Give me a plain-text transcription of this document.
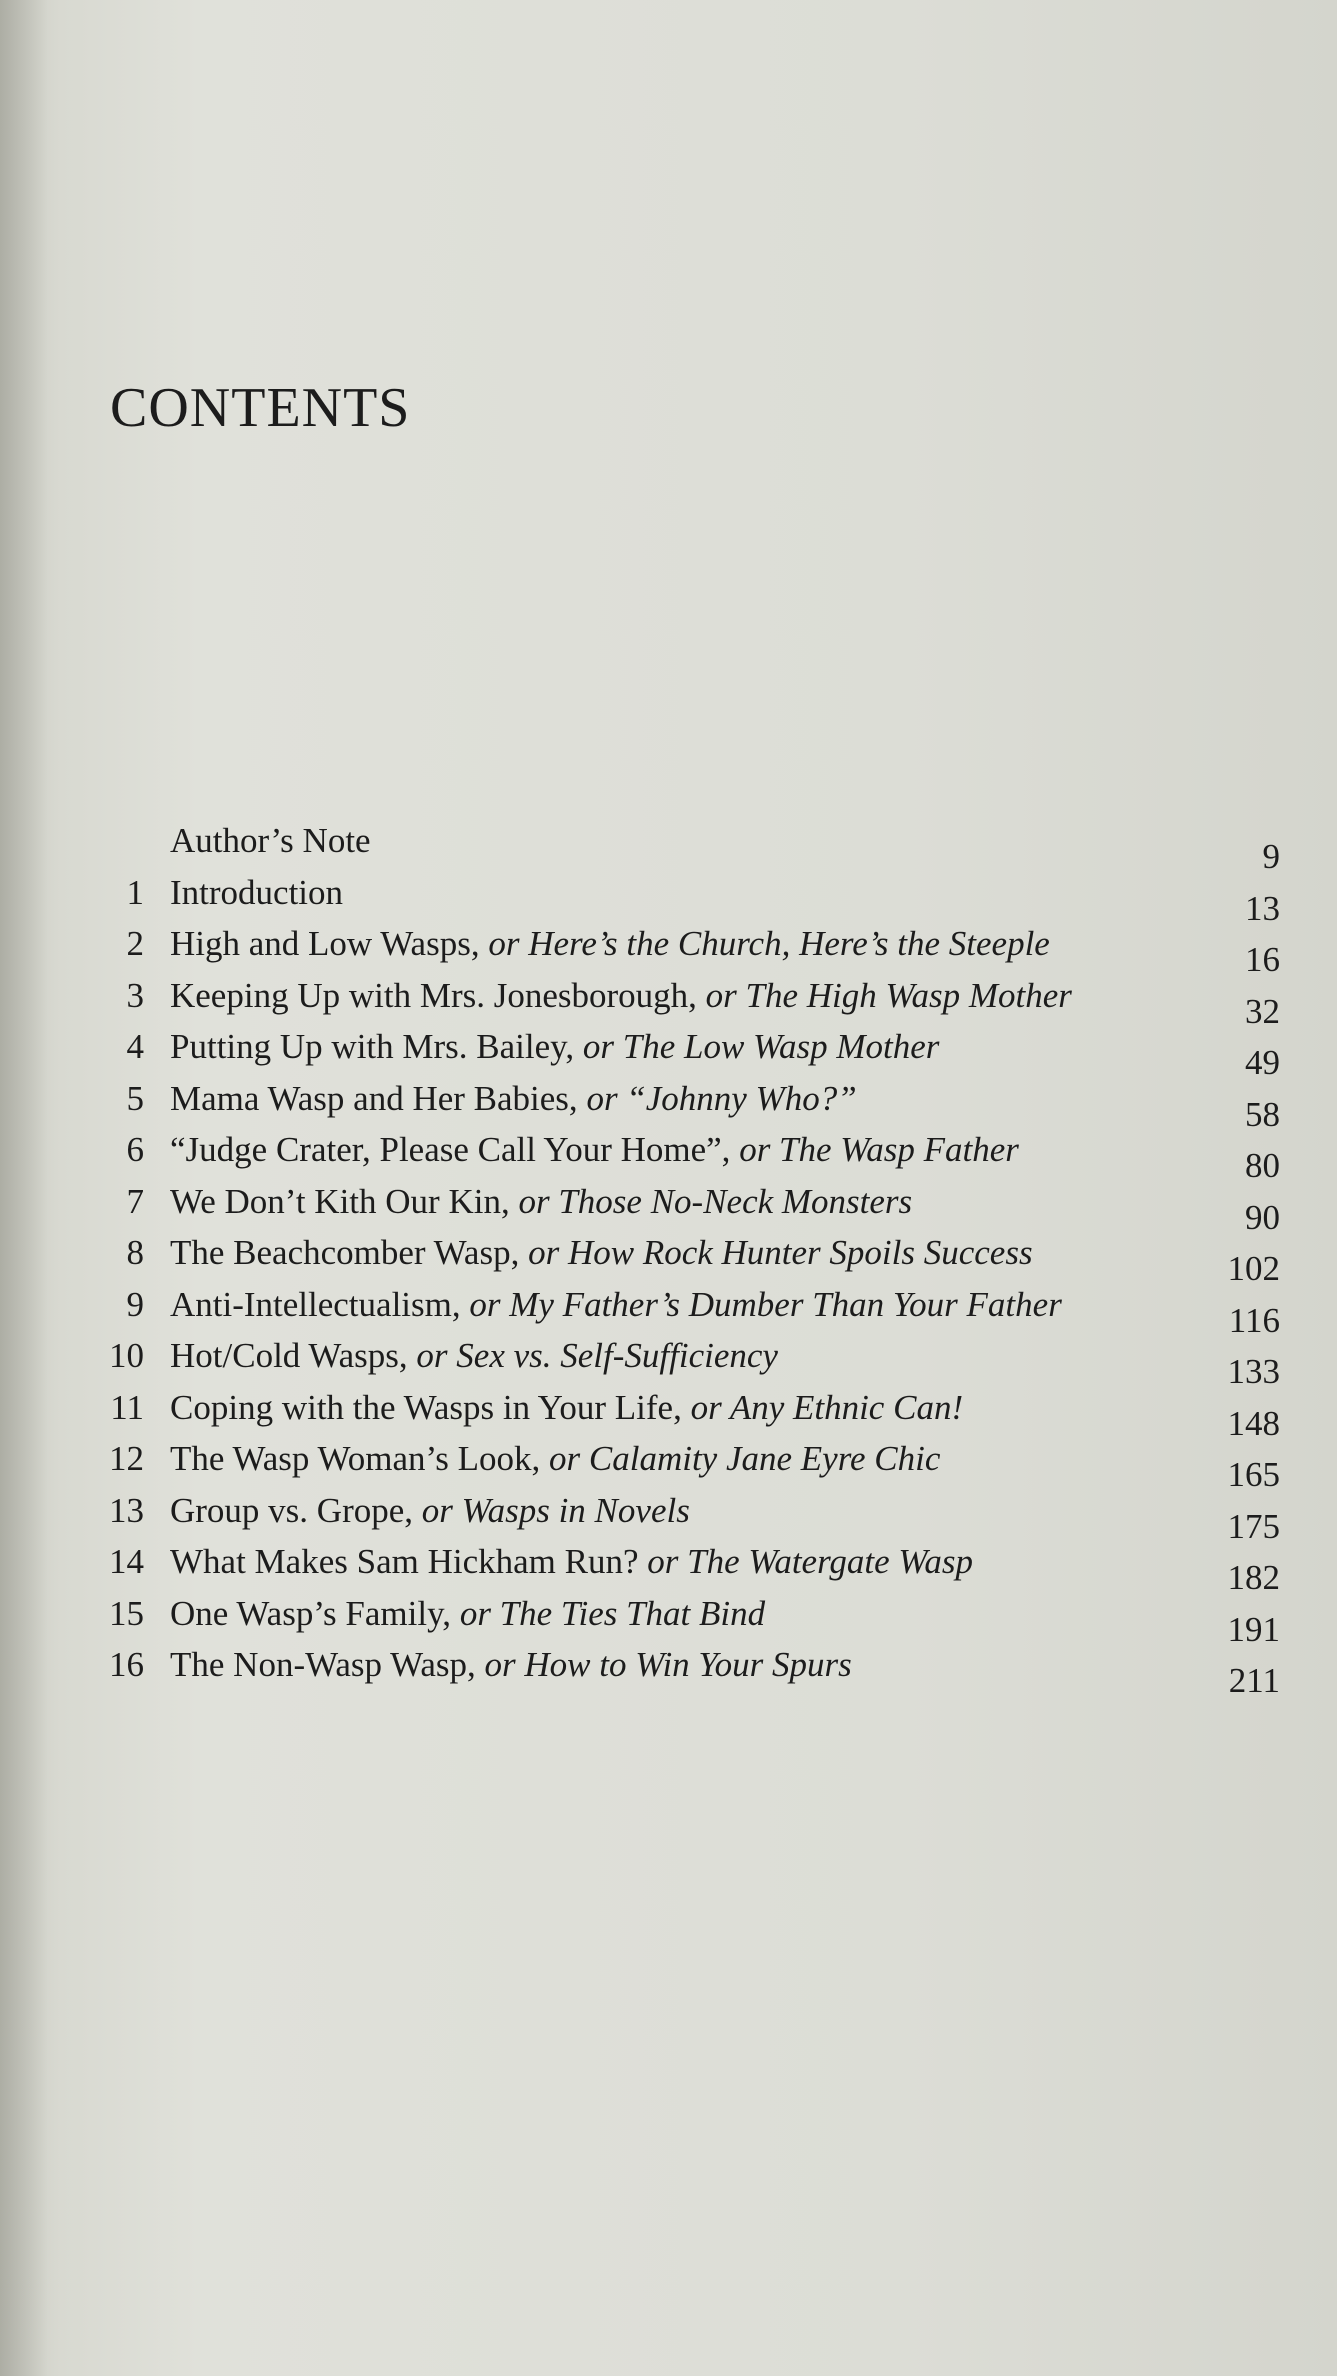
CONTENTS
Author’s Note	9
1 Introduction	13
2 High and Low Wasps, or Here’s the Church, Here’s the Steeple	16
3 Keeping Up with Mrs. Jonesborough, or The High Wasp Mother	32
4 Putting Up with Mrs. Bailey, or The Low Wasp Mother	49
5 Mama Wasp and Her Babies, or “Johnny Who?”	58
6 “Judge Crater, Please Call Your Home”, or The Wasp Father	80
7 We Don’t Kith Our Kin, or Those No-Neck Monsters	90
8 The Beachcomber Wasp, or How Rock Hunter Spoils Success	102
9 Anti-Intellectualism, or My Father’s Dumber Than Your Father	116
10 Hot/Cold Wasps, or Sex vs. Self-Sufficiency	133
11 Coping with the Wasps in Your Life, or Any Ethnic Can!	148
12 The Wasp Woman’s Look, or Calamity Jane Eyre Chic	165
13 Group vs. Grope, or Wasps in Novels	175
14 What Makes Sam Hickham Run? or The Watergate Wasp	182
15 One Wasp’s Family, or The Ties That Bind	191
16 The Non-Wasp Wasp, or How to Win Your Spurs	211
